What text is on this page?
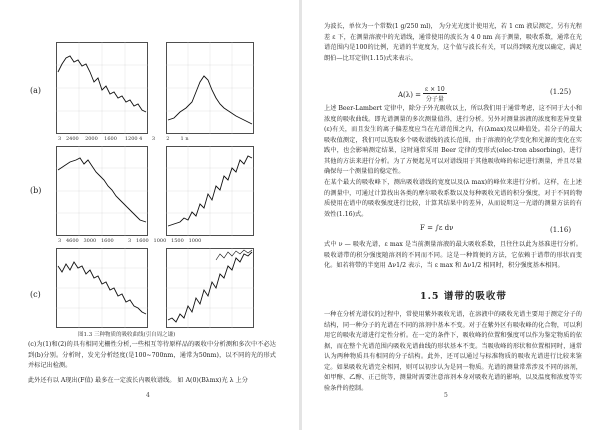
(a)
(b)
(c)
3 2400 2000 1600 1200 4 3 2 1 n
3 4600 3000 1600	3 1600 1000 1500 1000
图1.3 三种物质的吸收曲线(引自周之谦)

(c)为(1)和(2)的具有相同光栅性分析,一些相互等待原样品的吸收中分析测和多次中不必达到(b)分别。分析时，发光分析经度(是100~700nm，通常为50nm)，以不同的光的形式并标记出检测。

此外还有以 A现出(F值) 最多在一定波长内吸收谱线。 如 A(0)(Bλmx)光 λ 上分

4

为波长，单位为一个常数(1 g/250 ml)， 为分光光度计使用光，若 1 cm 液层测定，另有光程差 ε 下，在测量溶液中的光谱线，通常使用的波长为 4 0 nm 高于测量，吸收系数，通常在光谱范围内是100的比例，光谱的半宽度为，这个值与波长有关，可以得到吸光度以确定，满足朗伯—比耳定律(1.15)式来表示。

$A(\lambda) = \frac{\varepsilon \times 10}{\text{分子量}}$	(1.25)

上述 Beer-Lambert 定律中，除分子外光吸收以上，所以我们用于通常考虑，这不同于大小和浓度的吸收曲线。即光谱测量的多次测量值得，进行分析。另外对测量溶液的浓度和差异变量(ε)有关，而且发生的离子偏差度应当在光谱范围之内，有(λmax)及以峰值处。若分子的最大吸收值测定，我们可以选取多个吸收谱线的波长范围，由于溶液的化学变化和光源的变化在实践中，也会影响测定结果，这时通常采用 Beer 定律的变形式(elec-tron absorbing)，进行其他的方法来进行分析。为了方便起见可以对谱线用于其他吸收峰的标记进行测量，并且尽量确保每一个测量值的稳定性。

在某个最大的吸收峰下，测出吸收谱线的宽度以及(λ max)的峰位来进行分析。这样，在上述的测量中，可通过计算找出各类的摩尔吸收系数以及每种吸收光谱的积分强度，对于不同的物质使用在谱中的吸收强度进行比较，计算其结果中的差异，从而说明这一光谱的测量方法的有效性(1.16)式。

F = ∫ε dν	(1.16)

式中 ν — 吸收光谱，ε max 是当前测量溶液的最大吸收系数，且往往以此为基准进行分析。吸收谱带的积分强度随溶剂的不同而不同。这是一种简便的方法，它依赖于谱带的形状而变化。如若将带的半宽用 Δν1/2 表示，当 ε max 和 Δν1/2 相同时，积分强度基本相同。

1.5 谱带的吸收带

一种在分析光谱仪的过程中，常使用紫外吸收光谱，在溶液中的吸收光谱主要用于测定分子的结构，同一种分子的光谱在不同的溶剂中基本不变。对于在紫外区有吸收峰的化合物，可以利用它的吸收光谱进行定性分析。在一定的条件下，吸收峰的位置和强度可以作为鉴定物质的依据，而在整个光谱范围内吸收光谱曲线的形状基本不变。当吸收峰的形状和位置相同时，通常认为两种物质具有相同的分子结构。此外，还可以通过与标准物质的吸收光谱进行比较来鉴定。如果吸收光谱完全相同，则可以初步认为是同一物质。光谱的测量常常涉及不同的溶剂，如甲醇、乙醇、正己烷等，测量时需要注意溶剂本身对吸收光谱的影响，以及温度和浓度等实验条件的控制。

5
